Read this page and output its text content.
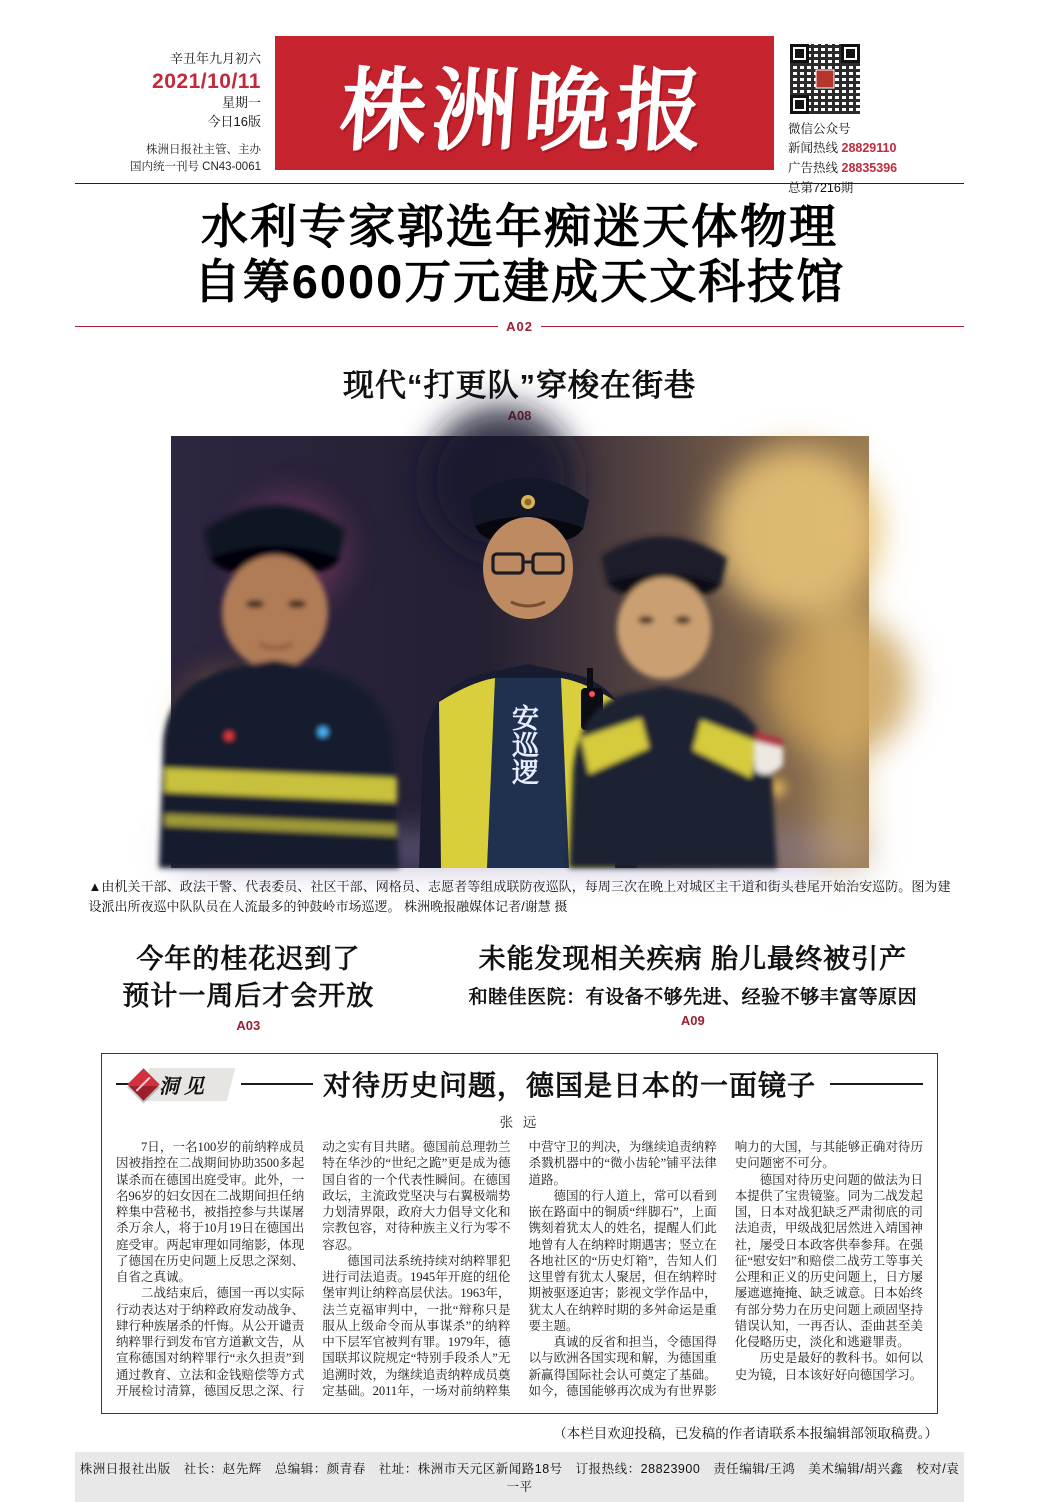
辛丑年九月初六
2021/10/11
星期一
今日16版
株洲日报社主管、主办
国内统一刊号 CN43-0061
株洲晚报	微信公众号
新闻热线 28829110
广告热线 28835396
总第7216期
水利专家郭选年痴迷天体物理
自筹6000万元建成天文科技馆
A02
现代“打更队”穿梭在街巷
安巡逻
▲由机关干部、政法干警、代表委员、社区干部、网格员、志愿者等组成联防夜巡队，每周三次在晚上对城区主干道和街头巷尾开始治安巡防。图为建设派出所夜巡中队队员在人流最多的钟鼓岭市场巡逻。 株洲晚报融媒体记者/谢慧 摄
今年的桂花迟到了
预计一周后才会开放
A03
未能发现相关疾病 胎儿最终被引产
和睦佳医院：有设备不够先进、经验不够丰富等原因
A09
洞见	对待历史问题，德国是日本的一面镜子
张 远

7日，一名100岁的前纳粹成员因被指控在二战期间协助3500多起谋杀而在德国出庭受审。此外，一名96岁的妇女因在二战期间担任纳粹集中营秘书，被指控参与共谋屠杀万余人，将于10月19日在德国出庭受审。两起审理如同缩影，体现了德国在历史问题上反思之深刻、自省之真诚。

二战结束后，德国一再以实际行动表达对于纳粹政府发动战争、肆行种族屠杀的忏悔。从公开谴责纳粹罪行到发布官方道歉文告，从宣称德国对纳粹罪行“永久担责”到通过教育、立法和金钱赔偿等方式开展检讨清算，德国反思之深、行动之实有目共睹。德国前总理勃兰特在华沙的“世纪之跪”更是成为德国自省的一个代表性瞬间。在德国政坛，主流政党坚决与右翼极端势力划清界限，政府大力倡导文化和宗教包容，对待种族主义行为零不容忍。

德国司法系统持续对纳粹罪犯进行司法追责。1945年开庭的纽伦堡审判让纳粹高层伏法。1963年，法兰克福审判中，一批“辩称只是服从上级命令而从事谋杀”的纳粹中下层军官被判有罪。1979年，德国联邦议院规定“特别手段杀人”无追溯时效，为继续追责纳粹成员奠定基础。2011年，一场对前纳粹集中营守卫的判决，为继续追责纳粹杀戮机器中的“微小齿轮”铺平法律道路。

德国的行人道上，常可以看到嵌在路面中的铜质“绊脚石”，上面镌刻着犹太人的姓名，提醒人们此地曾有人在纳粹时期遇害；竖立在各地社区的“历史灯箱”，告知人们这里曾有犹太人聚居，但在纳粹时期被驱逐迫害；影视文学作品中，犹太人在纳粹时期的多舛命运是重要主题。

真诚的反省和担当，令德国得以与欧洲各国实现和解，为德国重新赢得国际社会认可奠定了基础。如今，德国能够再次成为有世界影响力的大国，与其能够正确对待历史问题密不可分。

德国对待历史问题的做法为日本提供了宝贵镜鉴。同为二战发起国，日本对战犯缺乏严肃彻底的司法追责，甲级战犯居然进入靖国神社，屡受日本政客供奉参拜。在强征“慰安妇”和赔偿二战劳工等事关公理和正义的历史问题上，日方屡屡遮遮掩掩、缺乏诚意。日本始终有部分势力在历史问题上顽固坚持错误认知，一再否认、歪曲甚至美化侵略历史，淡化和逃避罪责。

历史是最好的教科书。如何以史为镜，日本该好好向德国学习。

（本栏目欢迎投稿，已发稿的作者请联系本报编辑部领取稿费。）
株洲日报社出版　社长：赵先辉　总编辑：颜青春　社址：株洲市天元区新闻路18号　订报热线：28823900　责任编辑/王鸿　美术编辑/胡兴鑫　校对/袁一平
